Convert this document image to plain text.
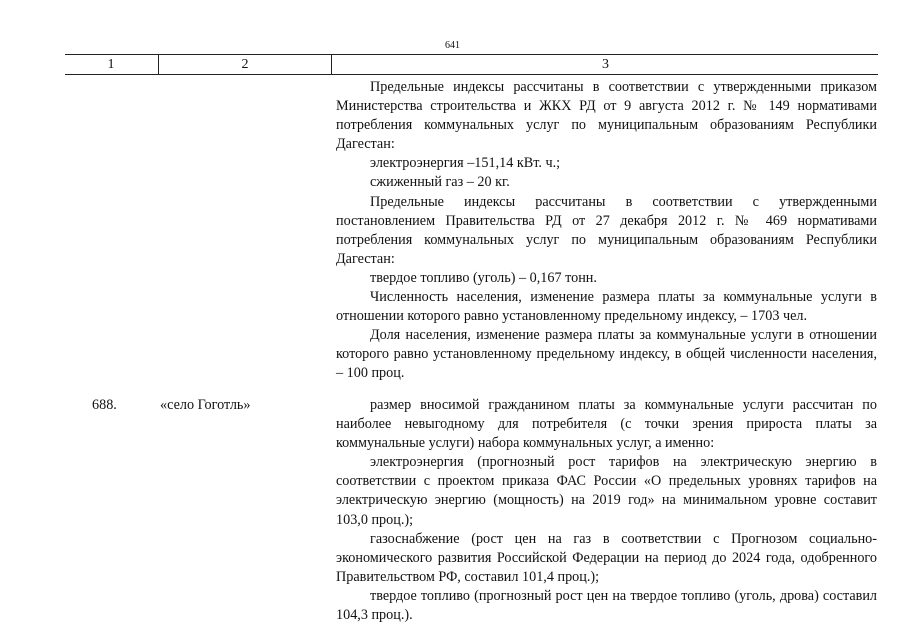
641
1	2	3

Предельные индексы рассчитаны в соответствии с утвержденными приказом Министерства строительства и ЖКХ РД от 9 августа 2012 г. № 149 нормативами потребления коммунальных услуг по муниципальным образованиям Республики Дагестан:

электроэнергия –151,14 кВт. ч.;

сжиженный газ – 20 кг.

Предельные индексы рассчитаны в соответствии с утвержденными постановлением Правительства РД от 27 декабря 2012 г. № 469 нормативами потребления коммунальных услуг по муниципальным образованиям Республики Дагестан:

твердое топливо (уголь) – 0,167 тонн.

Численность населения, изменение размера платы за коммунальные услуги в отношении которого равно установленному предельному индексу, – 1703 чел.

Доля населения, изменение размера платы за коммунальные услуги в отношении которого равно установленному предельному индексу, в общей численности населения, – 100 проц.

688.	«село Гоготль»	размер вносимой гражданином платы за коммунальные услуги рассчитан по наиболее невыгодному для потребителя (с точки зрения прироста платы за коммунальные услуги) набора коммунальных услуг, а именно:

электроэнергия (прогнозный рост тарифов на электрическую энергию в соответствии с проектом приказа ФАС России «О предельных уровнях тарифов на электрическую энергию (мощность) на 2019 год» на минимальном уровне составит 103,0 проц.);

газоснабжение (рост цен на газ в соответствии с Прогнозом социально-экономического развития Российской Федерации на период до 2024 года, одобренного Правительством РФ, составил 101,4 проц.);

твердое топливо (прогнозный рост цен на твердое топливо (уголь, дрова) составил 104,3 проц.).
